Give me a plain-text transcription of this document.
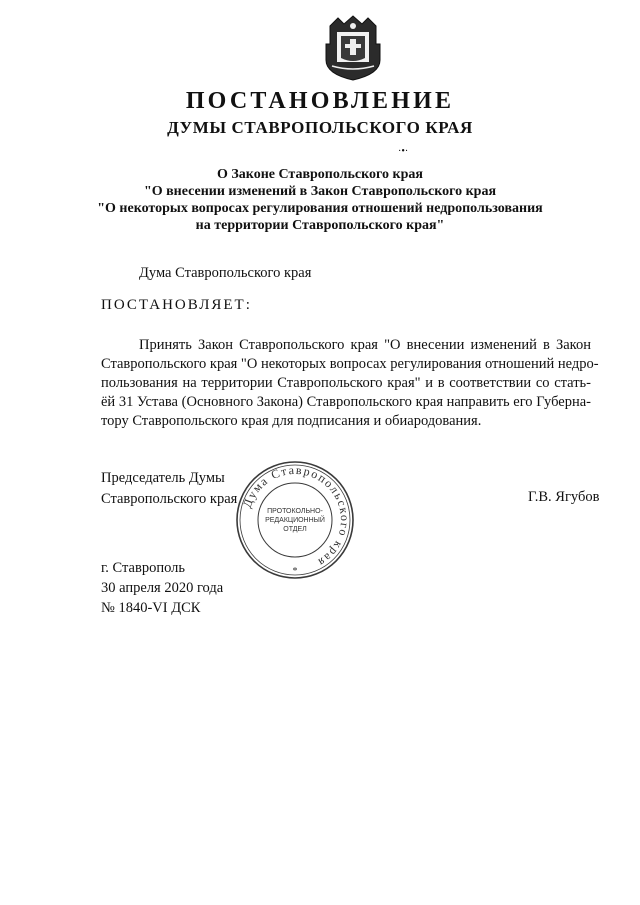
ПОСТАНОВЛЕНИЕ
ДУМЫ СТАВРОПОЛЬСКОГО КРАЯ
·•·
О Законе Ставропольского края
"О внесении изменений в Закон Ставропольского края
"О некоторых вопросах регулирования отношений недропользования
на территории Ставропольского края"
Дума Ставропольского края
ПОСТАНОВЛЯЕТ:
Принять Закон Ставропольского края "О внесении изменений в Закон
Ставропольского края "О некоторых вопросах регулирования отношений недро-
пользования на территории Ставропольского края" и в соответствии со стать-
ёй 31 Устава (Основного Закона) Ставропольского края направить его Губерна-
тору Ставропольского края для подписания и обиародования.
Председатель Думы
Ставропольского края	Г.В. Ягубов
Дума Ставропольского края
ПРОТОКОЛЬНО-
РЕДАКЦИОННЫЙ
ОТДЕЛ
*
г. Ставрополь
30 апреля 2020 года
№ 1840-VI ДСК
